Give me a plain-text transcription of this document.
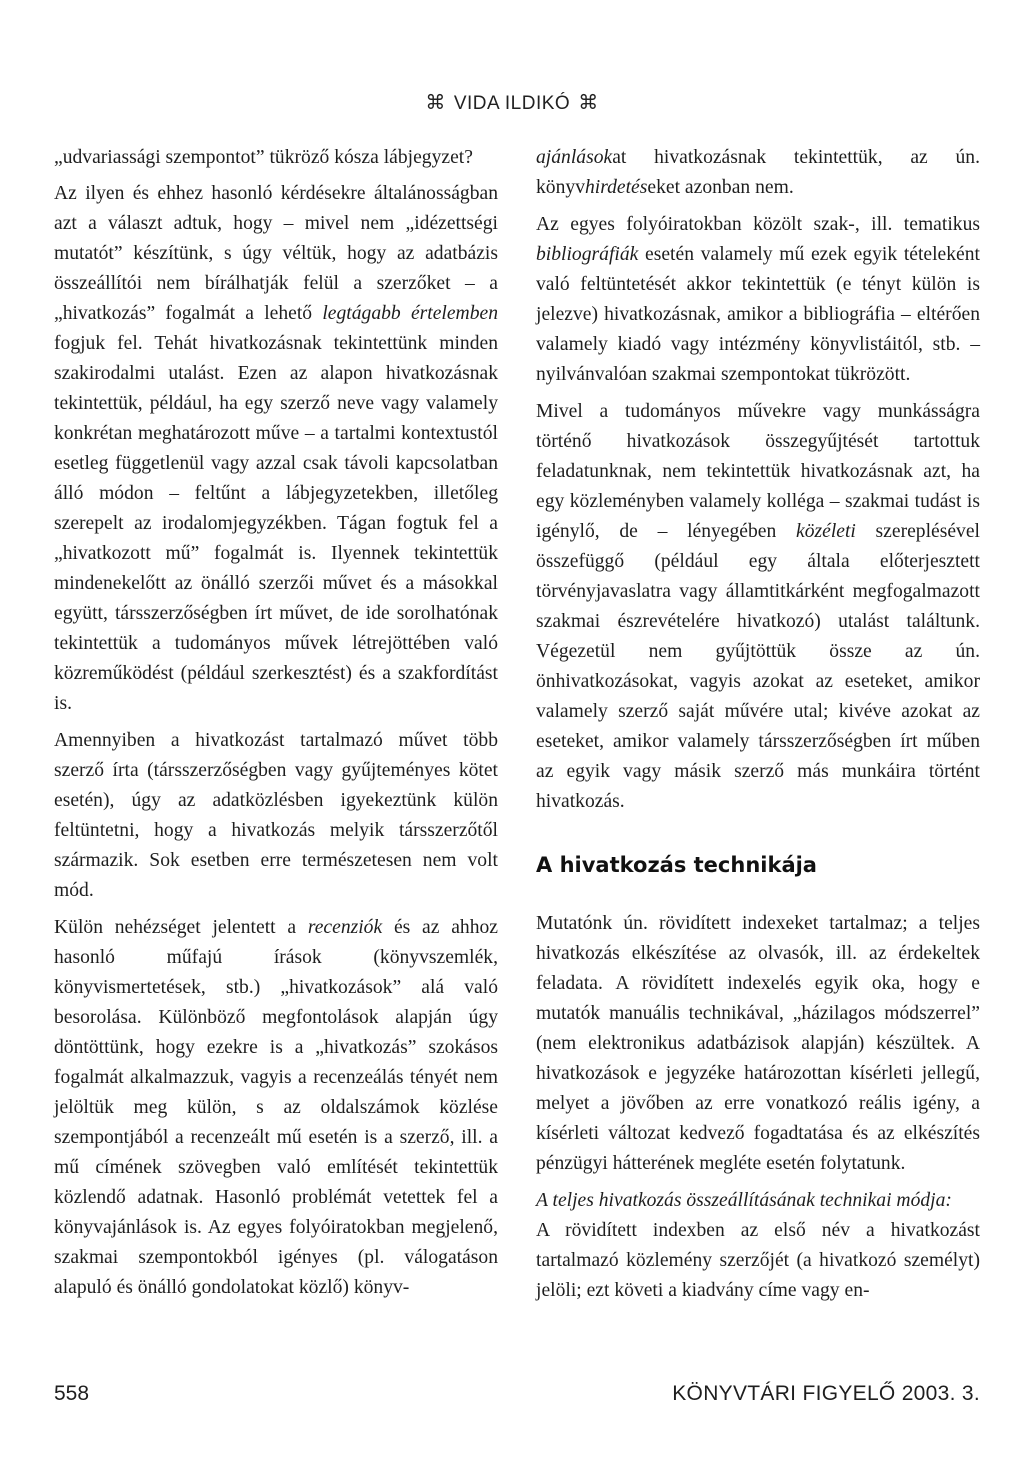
⌘ VIDA ILDIKÓ ⌘

„udvariassági szempontot” tükröző kósza lábjegyzet?

Az ilyen és ehhez hasonló kérdésekre általánosságban azt a választ adtuk, hogy – mivel nem „idézettségi mutatót” készítünk, s úgy véltük, hogy az adatbázis összeállítói nem bírálhatják felül a szerzőket – a „hivatkozás” fogalmát a lehető legtágabb értelemben fogjuk fel. Tehát hivatkozásnak tekintettünk minden szakirodalmi utalást. Ezen az alapon hivatkozásnak tekintettük, például, ha egy szerző neve vagy valamely konkrétan meghatározott műve – a tartalmi kontextustól esetleg függetlenül vagy azzal csak távoli kapcsolatban álló módon – feltűnt a lábjegyzetekben, illetőleg szerepelt az irodalomjegyzékben. Tágan fogtuk fel a „hivatkozott mű” fogalmát is. Ilyennek tekintettük mindenekelőtt az önálló szerzői művet és a másokkal együtt, társszerzőségben írt művet, de ide sorolhatónak tekintettük a tudományos művek létrejöttében való közreműködést (például szerkesztést) és a szakfordítást is.

Amennyiben a hivatkozást tartalmazó művet több szerző írta (társszerzőségben vagy gyűjteményes kötet esetén), úgy az adatközlésben igyekeztünk külön feltüntetni, hogy a hivatkozás melyik társszerzőtől származik. Sok esetben erre természetesen nem volt mód.

Külön nehézséget jelentett a recenziók és az ahhoz hasonló műfajú írások (könyvszemlék, könyvismertetések, stb.) „hivatkozások” alá való besorolása. Különböző megfontolások alapján úgy döntöttünk, hogy ezekre is a „hivatkozás” szokásos fogalmát alkalmazzuk, vagyis a recenzeálás tényét nem jelöltük meg külön, s az oldalszámok közlése szempontjából a recenzeált mű esetén is a szerző, ill. a mű címének szövegben való említését tekintettük közlendő adatnak. Hasonló problémát vetettek fel a könyvajánlások is. Az egyes folyóiratokban megjelenő, szakmai szempontokból igényes (pl. válogatáson alapuló és önálló gondolatokat közlő) könyv-

ajánlásokat hivatkozásnak tekintettük, az ún. könyvhirdetéseket azonban nem.

Az egyes folyóiratokban közölt szak-, ill. tematikus bibliográfiák esetén valamely mű ezek egyik tételeként való feltüntetését akkor tekintettük (e tényt külön is jelezve) hivatkozásnak, amikor a bibliográfia – eltérően valamely kiadó vagy intézmény könyvlistáitól, stb. – nyilvánvalóan szakmai szempontokat tükrözött.

Mivel a tudományos művekre vagy munkásságra történő hivatkozások összegyűjtését tartottuk feladatunknak, nem tekintettük hivatkozásnak azt, ha egy közleményben valamely kolléga – szakmai tudást is igénylő, de – lényegében közéleti szereplésével összefüggő (például egy általa előterjesztett törvényjavaslatra vagy államtitkárként megfogalmazott szakmai észrevételére hivatkozó) utalást találtunk. Végezetül nem gyűjtöttük össze az ún. önhivatkozásokat, vagyis azokat az eseteket, amikor valamely szerző saját művére utal; kivéve azokat az eseteket, amikor valamely társszerzőségben írt műben az egyik vagy másik szerző más munkáira történt hivatkozás.

A hivatkozás technikája

Mutatónk ún. rövidített indexeket tartalmaz; a teljes hivatkozás elkészítése az olvasók, ill. az érdekeltek feladata. A rövidített indexelés egyik oka, hogy e mutatók manuális technikával, „házilagos módszerrel” (nem elektronikus adatbázisok alapján) készültek. A hivatkozások e jegyzéke határozottan kísérleti jellegű, melyet a jövőben az erre vonatkozó reális igény, a kísérleti változat kedvező fogadtatása és az elkészítés pénzügyi hátterének megléte esetén folytatunk.

A teljes hivatkozás összeállításának technikai módja:

A rövidített indexben az első név a hivatkozást tartalmazó közlemény szerzőjét (a hivatkozó személyt) jelöli; ezt követi a kiadvány címe vagy en-

558	KÖNYVTÁRI FIGYELŐ 2003. 3.
